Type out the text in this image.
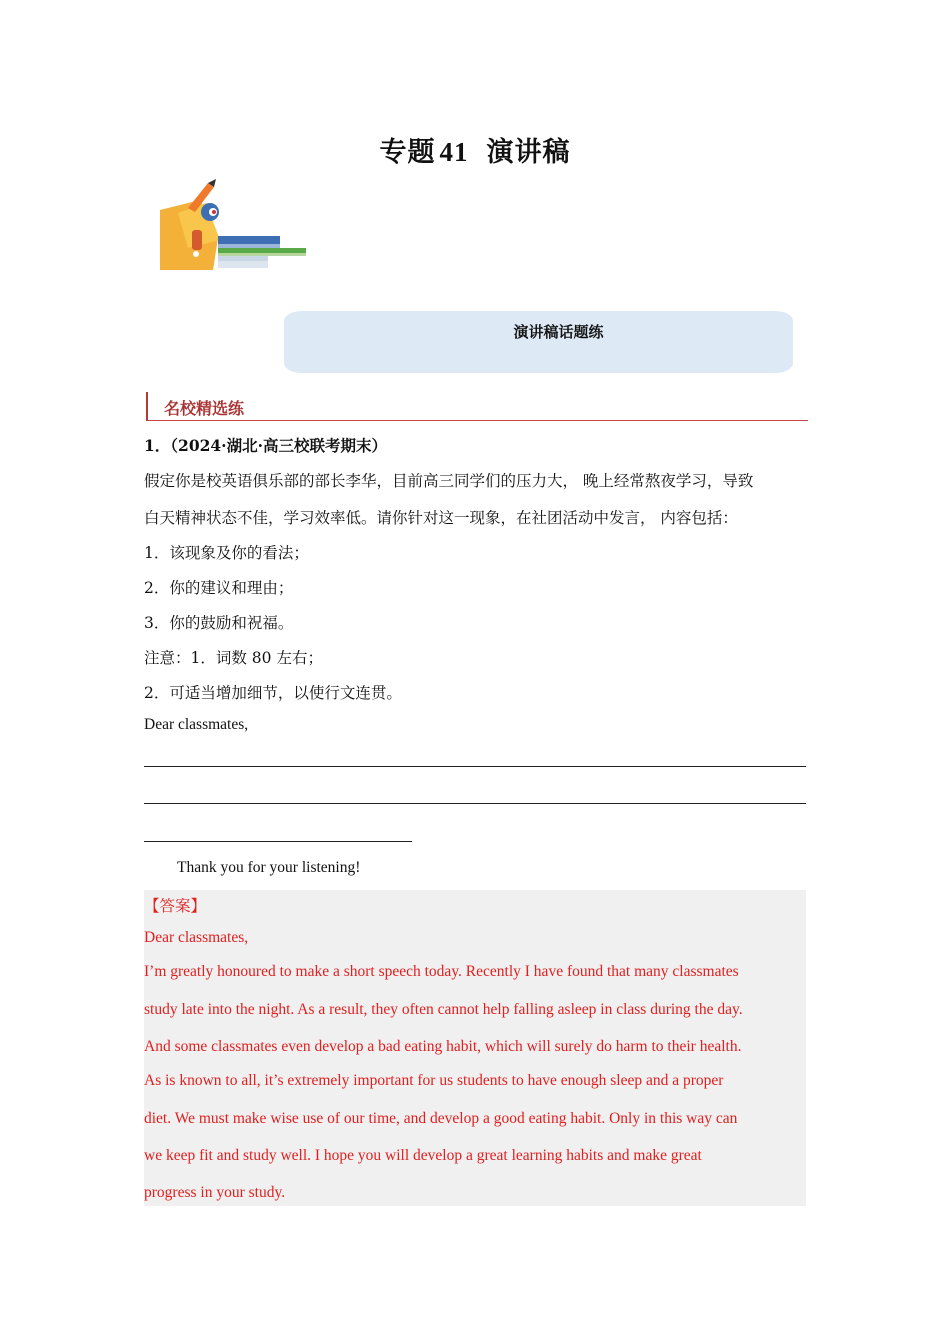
专题 41 演讲稿
演讲稿话题练
名校精选练
1．（2024·湖北·高三校联考期末）
假定你是校英语俱乐部的部长李华，目前高三同学们的压力大， 晚上经常熬夜学习，导致
白天精神状态不佳，学习效率低。请你针对这一现象，在社团活动中发言， 内容包括：
1．该现象及你的看法；
2．你的建议和理由；
3．你的鼓励和祝福。
注意：1．词数 80 左右；
2．可适当增加细节，以使行文连贯。
Dear classmates,
Thank you for your listening!
【答案】
Dear classmates,
I’m greatly honoured to make a short speech today. Recently I have found that many classmates
study late into the night. As a result, they often cannot help falling asleep in class during the day.
And some classmates even develop a bad eating habit, which will surely do harm to their health.
As is known to all, it’s extremely important for us students to have enough sleep and a proper
diet. We must make wise use of our time, and develop a good eating habit. Only in this way can
we keep fit and study well. I hope you will develop a great learning habits and make great
progress in your study.
